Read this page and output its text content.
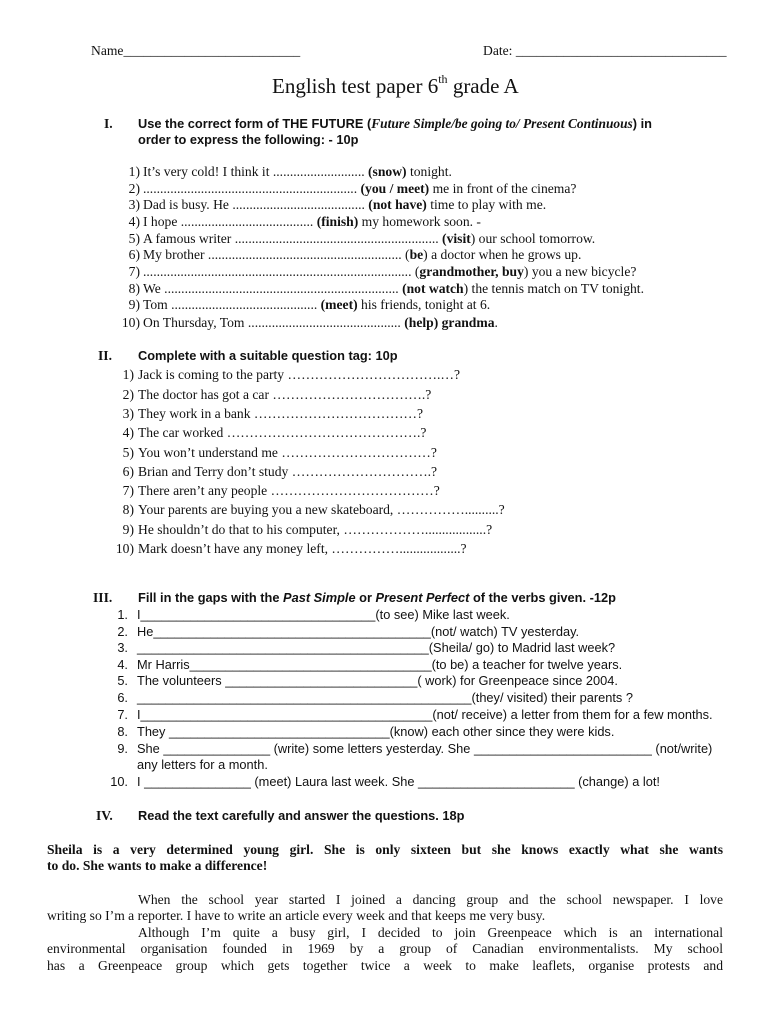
Name__________________________	Date: _______________________________
English test paper 6th grade A
I. Use the correct form of THE FUTURE (Future Simple/be going to/ Present Continuous) in
order to express the following: - 10p
1) It’s very cold! I think it ........................... (snow) tonight.
2) ............................................................... (you / meet) me in front of the cinema?
3) Dad is busy. He ....................................... (not have) time to play with me.
4) I hope ....................................... (finish) my homework soon. -
5) A famous writer ............................................................ (visit) our school tomorrow.
6) My brother ......................................................... (be) a doctor when he grows up.
7) ............................................................................... (grandmother, buy) you a new bicycle?
8) We ..................................................................... (not watch) the tennis match on TV tonight.
9) Tom ........................................... (meet) his friends, tonight at 6.
10) On Thursday, Tom ............................................. (help) grandma.
II. Complete with a suitable question tag: 10p
1) Jack is coming to the party …………………………….…?
2) The doctor has got a car …………………………….?
3) They work in a bank ………………………………?
4) The car worked …………………………………….?
5) You won’t understand me ……………………………?
6) Brian and Terry don’t study ………………………….?
7) There aren’t any people ………………………………?
8) Your parents are buying you a new skateboard, ……………..........?
9) He shouldn’t do that to his computer, ………………..................?
10) Mark doesn’t have any money left, ……………..................?
III. Fill in the gaps with the Past Simple or Present Perfect of the verbs given. -12p
1. I_________________________________(to see) Mike last week.
2. He_______________________________________(not/ watch) TV yesterday.
3. _________________________________________(Sheila/ go) to Madrid last week?
4. Mr Harris__________________________________(to be) a teacher for twelve years.
5. The volunteers ___________________________( work) for Greenpeace since 2004.
6. _______________________________________________(they/ visited) their parents ?
7. I_________________________________________(not/ receive) a letter from them for a few months.
8. They _______________________________(know) each other since they were kids.
9. She _______________ (write) some letters yesterday. She _________________________ (not/write)
any letters for a month.
10. I _______________ (meet) Laura last week. She ______________________ (change) a lot!
IV. Read the text carefully and answer the questions. 18p
Sheila is a very determined young girl. She is only sixteen but she knows exactly what she wants
to do. She wants to make a difference!
When the school year started I joined a dancing group and the school newspaper. I love
writing so I’m a reporter. I have to write an article every week and that keeps me very busy.
Although I’m quite a busy girl, I decided to join Greenpeace which is an international
environmental organisation founded in 1969 by a group of Canadian environmentalists. My school
has a Greenpeace group which gets together twice a week to make leaflets, organise protests and
